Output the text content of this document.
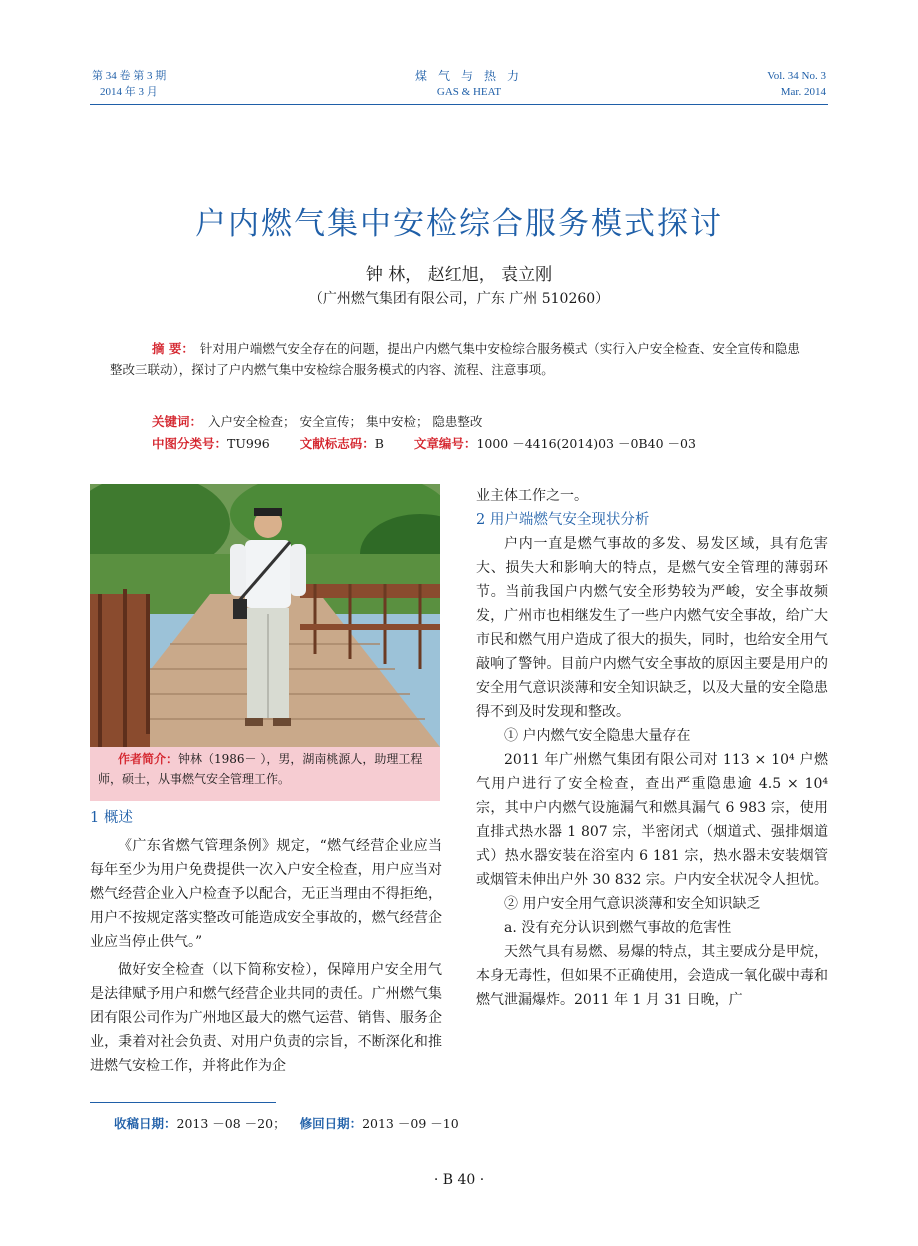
第 34 卷 第 3 期
2014 年 3 月
煤 气 与 热 力
GAS & HEAT
Vol. 34 No. 3
Mar. 2014
户内燃气集中安检综合服务模式探讨
钟 林， 赵红旭， 袁立刚
（广州燃气集团有限公司，广东 广州 510260）
摘 要： 针对用户端燃气安全存在的问题，提出户内燃气集中安检综合服务模式（实行入户安全检查、安全宣传和隐患整改三联动），探讨了户内燃气集中安检综合服务模式的内容、流程、注意事项。
关键词： 入户安全检查； 安全宣传； 集中安检； 隐患整改
中图分类号：TU996 文献标志码：B 文章编号：1000 －4416(2014)03 －0B40 －03
作者简介：钟林（1986－ ），男，湖南桃源人，助理工程师，硕士，从事燃气安全管理工作。

1 概述

《广东省燃气管理条例》规定，“燃气经营企业应当每年至少为用户免费提供一次入户安全检查，用户应当对燃气经营企业入户检查予以配合，无正当理由不得拒绝，用户不按规定落实整改可能造成安全事故的，燃气经营企业应当停止供气。”

做好安全检查（以下简称安检），保障用户安全用气是法律赋予用户和燃气经营企业共同的责任。广州燃气集团有限公司作为广州地区最大的燃气运营、销售、服务企业，秉着对社会负责、对用户负责的宗旨，不断深化和推进燃气安检工作，并将此作为企

业主体工作之一。

2 用户端燃气安全现状分析

户内一直是燃气事故的多发、易发区域，具有危害大、损失大和影响大的特点，是燃气安全管理的薄弱环节。当前我国户内燃气安全形势较为严峻，安全事故频发，广州市也相继发生了一些户内燃气安全事故，给广大市民和燃气用户造成了很大的损失，同时，也给安全用气敲响了警钟。目前户内燃气安全事故的原因主要是用户的安全用气意识淡薄和安全知识缺乏，以及大量的安全隐患得不到及时发现和整改。

① 户内燃气安全隐患大量存在

2011 年广州燃气集团有限公司对 113 × 10⁴ 户燃气用户进行了安全检查，查出严重隐患逾 4.5 × 10⁴ 宗，其中户内燃气设施漏气和燃具漏气 6 983 宗，使用直排式热水器 1 807 宗，半密闭式（烟道式、强排烟道式）热水器安装在浴室内 6 181 宗，热水器未安装烟管或烟管未伸出户外 30 832 宗。户内安全状况令人担忧。

② 用户安全用气意识淡薄和安全知识缺乏

a. 没有充分认识到燃气事故的危害性

天然气具有易燃、易爆的特点，其主要成分是甲烷，本身无毒性，但如果不正确使用，会造成一氧化碳中毒和燃气泄漏爆炸。2011 年 1 月 31 日晚，广

收稿日期：2013 －08 －20； 修回日期：2013 －09 －10
· B 40 ·
